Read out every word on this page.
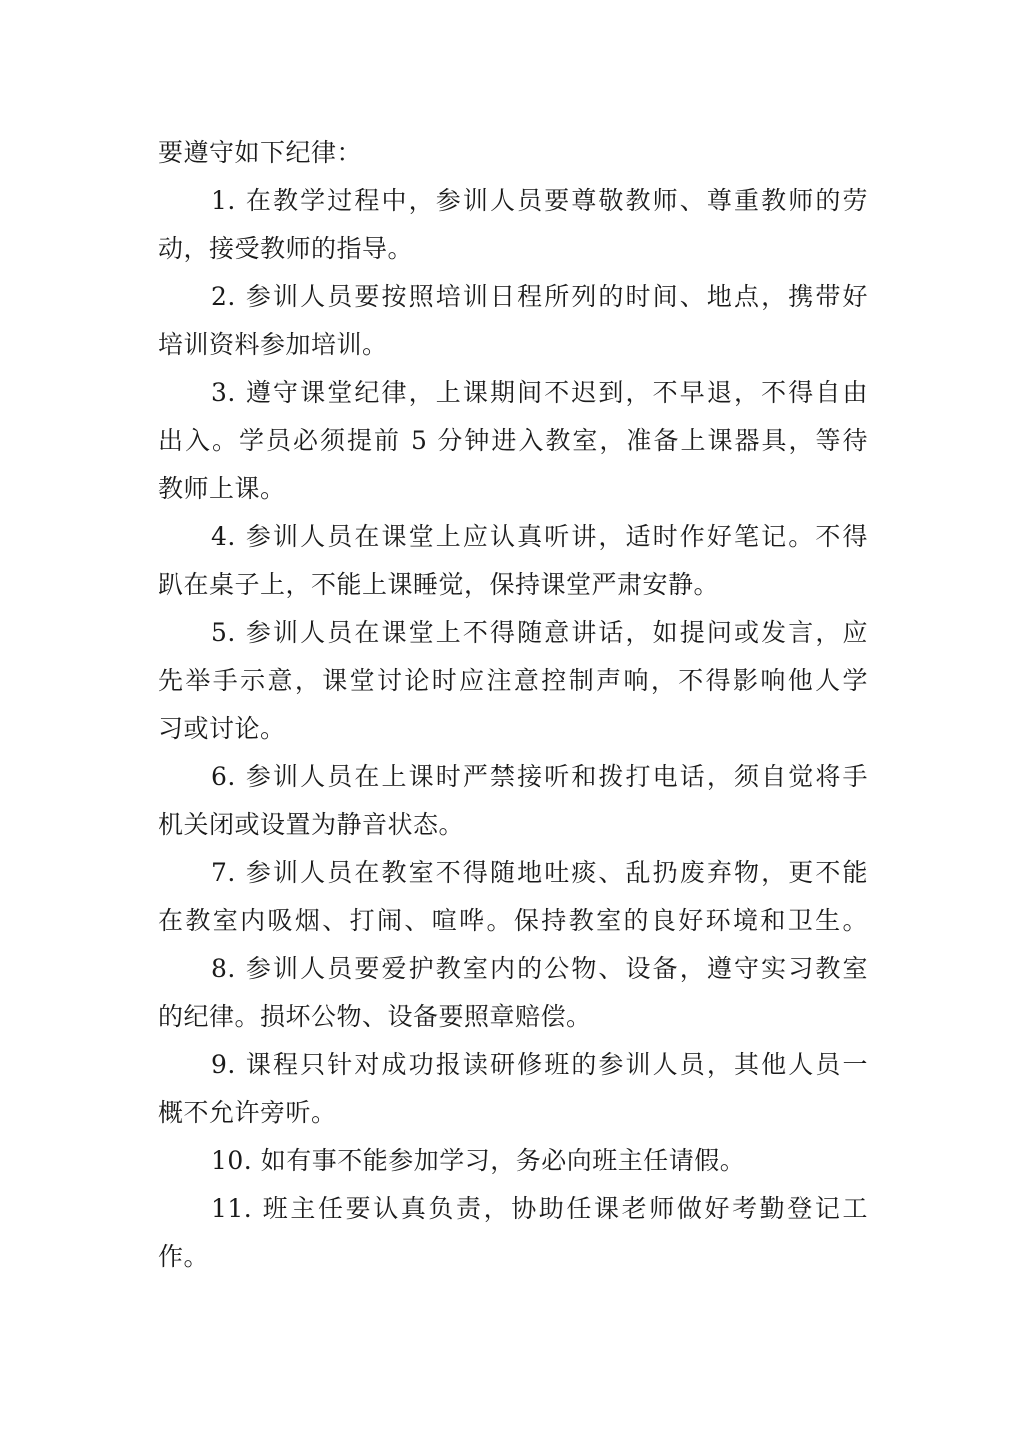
要遵守如下纪律：
1. 在教学过程中，参训人员要尊敬教师、尊重教师的劳
动，接受教师的指导。
2. 参训人员要按照培训日程所列的时间、地点，携带好
培训资料参加培训。
3. 遵守课堂纪律，上课期间不迟到，不早退，不得自由
出入。学员必须提前 5 分钟进入教室，准备上课器具，等待
教师上课。
4. 参训人员在课堂上应认真听讲，适时作好笔记。不得
趴在桌子上，不能上课睡觉，保持课堂严肃安静。
5. 参训人员在课堂上不得随意讲话，如提问或发言，应
先举手示意，课堂讨论时应注意控制声响，不得影响他人学
习或讨论。
6. 参训人员在上课时严禁接听和拨打电话，须自觉将手
机关闭或设置为静音状态。
7. 参训人员在教室不得随地吐痰、乱扔废弃物，更不能
在教室内吸烟、打闹、喧哗。保持教室的良好环境和卫生。
8. 参训人员要爱护教室内的公物、设备，遵守实习教室
的纪律。损坏公物、设备要照章赔偿。
9. 课程只针对成功报读研修班的参训人员，其他人员一
概不允许旁听。
10. 如有事不能参加学习，务必向班主任请假。
11. 班主任要认真负责，协助任课老师做好考勤登记工
作。
